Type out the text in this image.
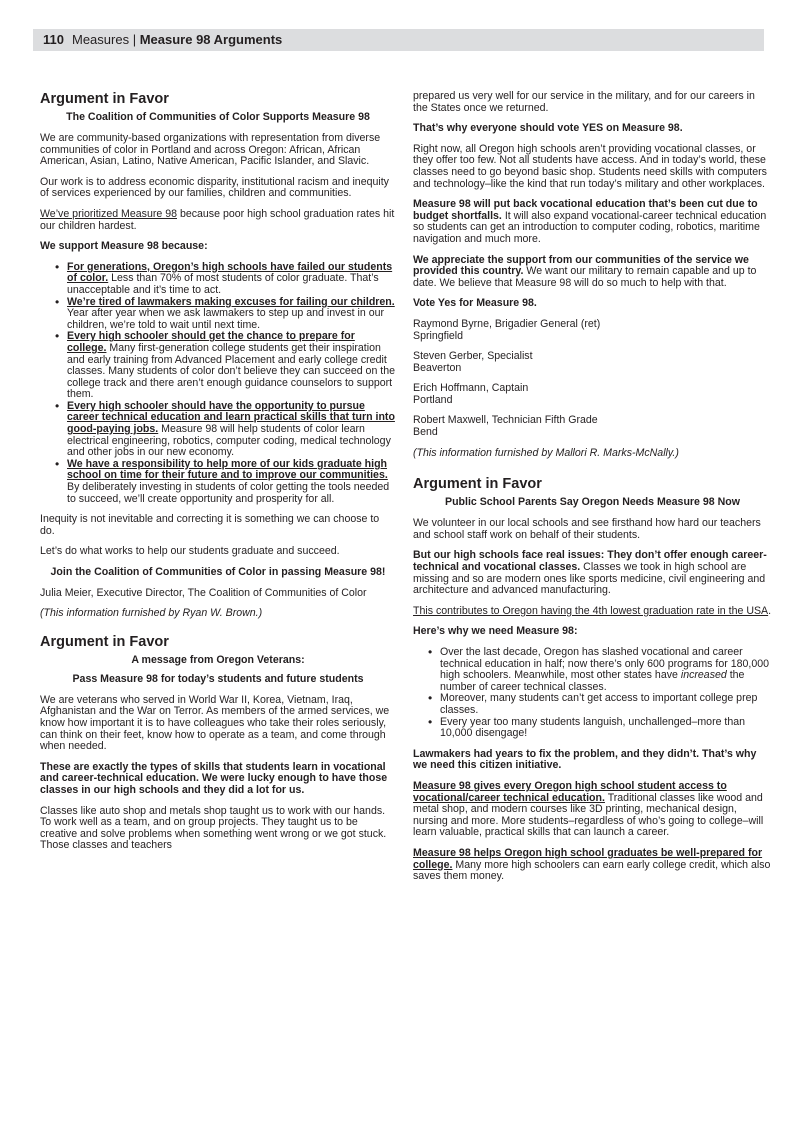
110 Measures | Measure 98 Arguments
Argument in Favor
The Coalition of Communities of Color Supports Measure 98

We are community-based organizations with representation from diverse communities of color in Portland and across Oregon: African, African American, Asian, Latino, Native American, Pacific Islander, and Slavic.

Our work is to address economic disparity, institutional racism and inequity of services experienced by our families, children and communities.

We’ve prioritized Measure 98 because poor high school graduation rates hit our children hardest.

We support Measure 98 because:

• For generations, Oregon’s high schools have failed our students of color. Less than 70% of most students of color graduate. That’s unacceptable and it’s time to act.
• We’re tired of lawmakers making excuses for failing our children. Year after year when we ask lawmakers to step up and invest in our children, we’re told to wait until next time.
• Every high schooler should get the chance to prepare for college. Many first-generation college students get their inspiration and early training from Advanced Placement and early college credit classes. Many students of color don’t believe they can succeed on the college track and there aren’t enough guidance counselors to support them.
• Every high schooler should have the opportunity to pursue career technical education and learn practical skills that turn into good-paying jobs. Measure 98 will help students of color learn electrical engineering, robotics, computer coding, medical technology and other jobs in our new economy.
• We have a responsibility to help more of our kids graduate high school on time for their future and to improve our communities. By deliberately investing in students of color getting the tools needed to succeed, we’ll create opportunity and prosperity for all.

Inequity is not inevitable and correcting it is something we can choose to do.

Let’s do what works to help our students graduate and succeed.

Join the Coalition of Communities of Color in passing Measure 98!

Julia Meier, Executive Director, The Coalition of Communities of Color

(This information furnished by Ryan W. Brown.)

Argument in Favor
A message from Oregon Veterans:
Pass Measure 98 for today’s students and future students

We are veterans who served in World War II, Korea, Vietnam, Iraq, Afghanistan and the War on Terror. As members of the armed services, we know how important it is to have colleagues who take their roles seriously, can think on their feet, know how to operate as a team, and come through when needed.

These are exactly the types of skills that students learn in vocational and career-technical education. We were lucky enough to have those classes in our high schools and they did a lot for us.

Classes like auto shop and metals shop taught us to work with our hands. To work well as a team, and on group projects. They taught us to be creative and solve problems when something went wrong or we got stuck. Those classes and teachers

prepared us very well for our service in the military, and for our careers in the States once we returned.

That’s why everyone should vote YES on Measure 98.

Right now, all Oregon high schools aren’t providing vocational classes, or they offer too few. Not all students have access. And in today’s world, these classes need to go beyond basic shop. Students need skills with computers and technology–like the kind that run today’s military and other workplaces.

Measure 98 will put back vocational education that’s been cut due to budget shortfalls. It will also expand vocational-career technical education so students can get an introduction to computer coding, robotics, maritime navigation and much more.

We appreciate the support from our communities of the service we provided this country. We want our military to remain capable and up to date. We believe that Measure 98 will do so much to help with that.

Vote Yes for Measure 98.

Raymond Byrne, Brigadier General (ret)
Springfield

Steven Gerber, Specialist
Beaverton

Erich Hoffmann, Captain
Portland

Robert Maxwell, Technician Fifth Grade
Bend

(This information furnished by Mallori R. Marks-McNally.)

Argument in Favor
Public School Parents Say Oregon Needs Measure 98 Now

We volunteer in our local schools and see firsthand how hard our teachers and school staff work on behalf of their students.

But our high schools face real issues: They don’t offer enough career-technical and vocational classes. Classes we took in high school are missing and so are modern ones like sports medicine, civil engineering and architecture and advanced manufacturing.

This contributes to Oregon having the 4th lowest graduation rate in the USA.

Here’s why we need Measure 98:

• Over the last decade, Oregon has slashed vocational and career technical education in half; now there’s only 600 programs for 180,000 high schoolers. Meanwhile, most other states have increased the number of career technical classes.
• Moreover, many students can’t get access to important college prep classes.
• Every year too many students languish, unchallenged–more than 10,000 disengage!

Lawmakers had years to fix the problem, and they didn’t. That’s why we need this citizen initiative.

Measure 98 gives every Oregon high school student access to vocational/career technical education. Traditional classes like wood and metal shop, and modern courses like 3D printing, mechanical design, nursing and more. More students–regardless of who’s going to college–will learn valuable, practical skills that can launch a career.

Measure 98 helps Oregon high school graduates be well-prepared for college. Many more high schoolers can earn early college credit, which also saves them money.
